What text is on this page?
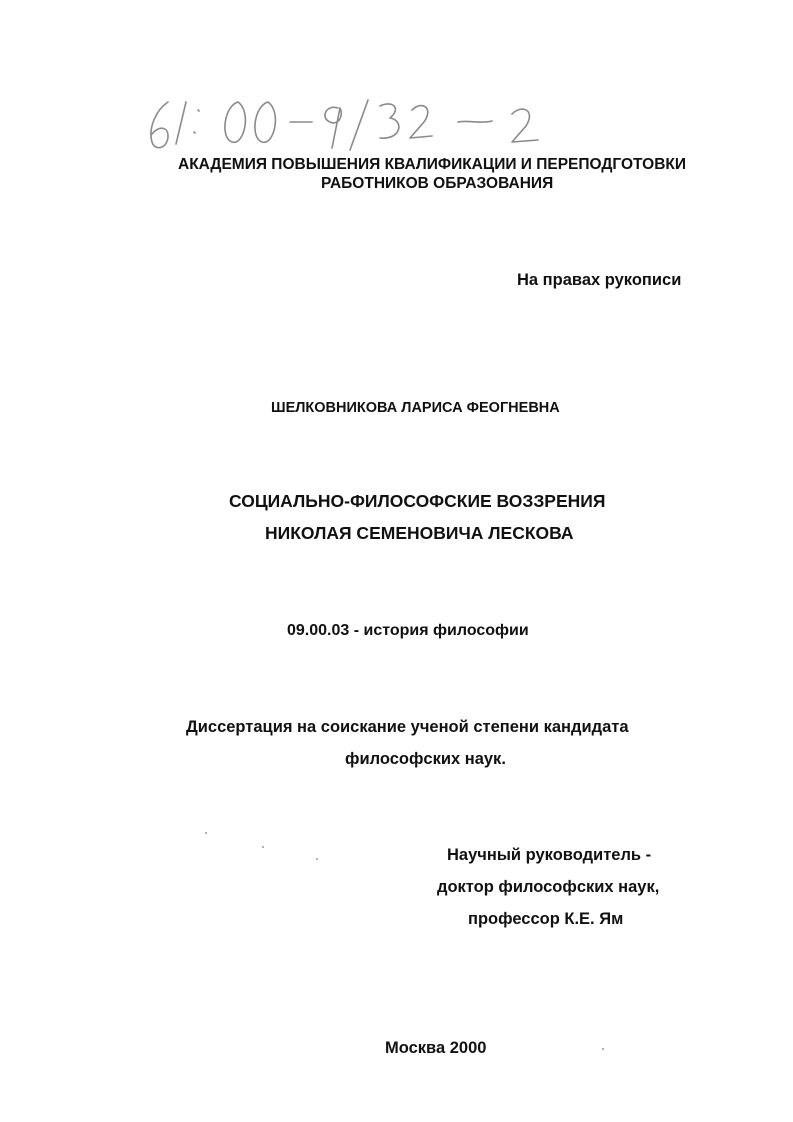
АКАДЕМИЯ ПОВЫШЕНИЯ КВАЛИФИКАЦИИ И ПЕРЕПОДГОТОВКИ
РАБОТНИКОВ ОБРАЗОВАНИЯ
На правах рукописи
ШЕЛКОВНИКОВА ЛАРИСА ФЕОГНЕВНА
СОЦИАЛЬНО-ФИЛОСОФСКИЕ ВОЗЗРЕНИЯ
НИКОЛАЯ СЕМЕНОВИЧА ЛЕСКОВА
09.00.03 - история философии
Диссертация на соискание ученой степени кандидата
философских наук.
Научный руководитель -
доктор философских наук,
профессор К.Е. Ям
Москва 2000
